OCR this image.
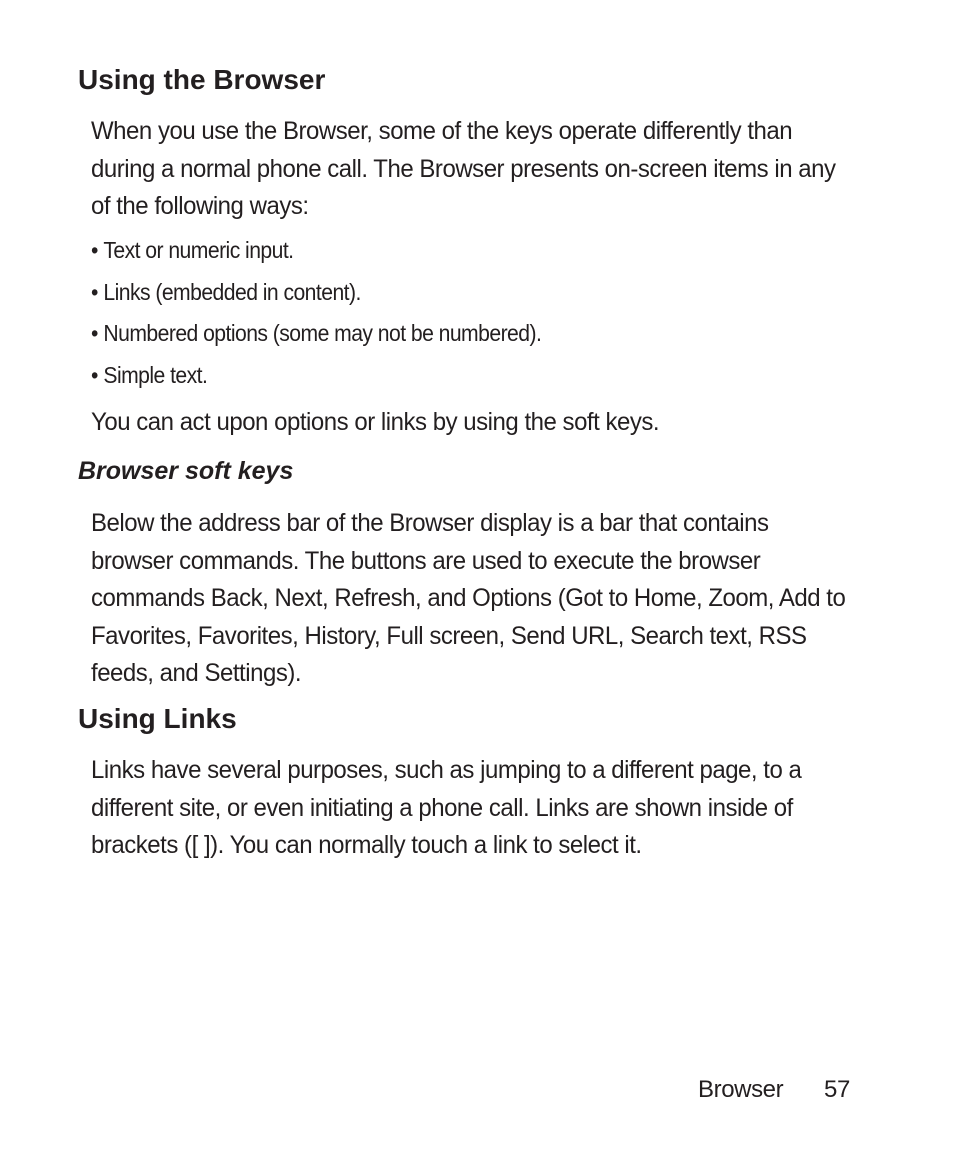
Using the Browser

When you use the Browser, some of the keys operate differently than during a normal phone call. The Browser presents on-screen items in any of the following ways:

• Text or numeric input.
• Links (embedded in content).
• Numbered options (some may not be numbered).
• Simple text.

You can act upon options or links by using the soft keys.

Browser soft keys

Below the address bar of the Browser display is a bar that contains browser commands. The buttons are used to execute the browser commands Back, Next, Refresh, and Options (Got to Home, Zoom, Add to Favorites, Favorites, History, Full screen, Send URL, Search text, RSS feeds, and Settings).

Using Links

Links have several purposes, such as jumping to a different page, to a different site, or even initiating a phone call. Links are shown inside of brackets ([ ]). You can normally touch a link to select it.

Browser 57
